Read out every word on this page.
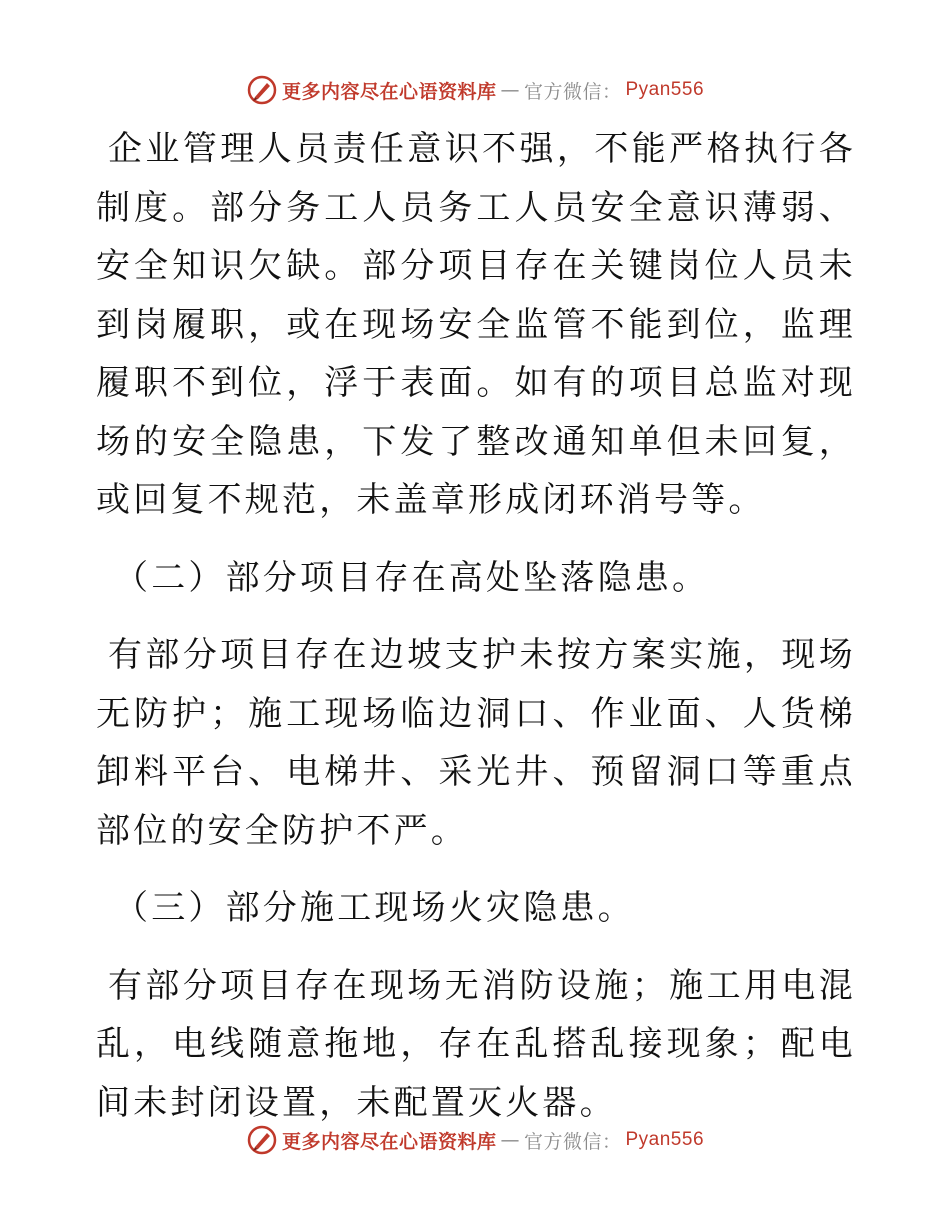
更多内容尽在心语资料库 — 官方微信： Pyan556

企业管理人员责任意识不强，不能严格执行各制度。部分务工人员务工人员安全意识薄弱、安全知识欠缺。部分项目存在关键岗位人员未到岗履职，或在现场安全监管不能到位，监理履职不到位，浮于表面。如有的项目总监对现场的安全隐患，下发了整改通知单但未回复，或回复不规范，未盖章形成闭环消号等。

（二）部分项目存在高处坠落隐患。

有部分项目存在边坡支护未按方案实施，现场无防护；施工现场临边洞口、作业面、人货梯卸料平台、电梯井、采光井、预留洞口等重点部位的安全防护不严。

（三）部分施工现场火灾隐患。

有部分项目存在现场无消防设施；施工用电混乱，电线随意拖地，存在乱搭乱接现象；配电间未封闭设置，未配置灭火器。

更多内容尽在心语资料库 — 官方微信： Pyan556
